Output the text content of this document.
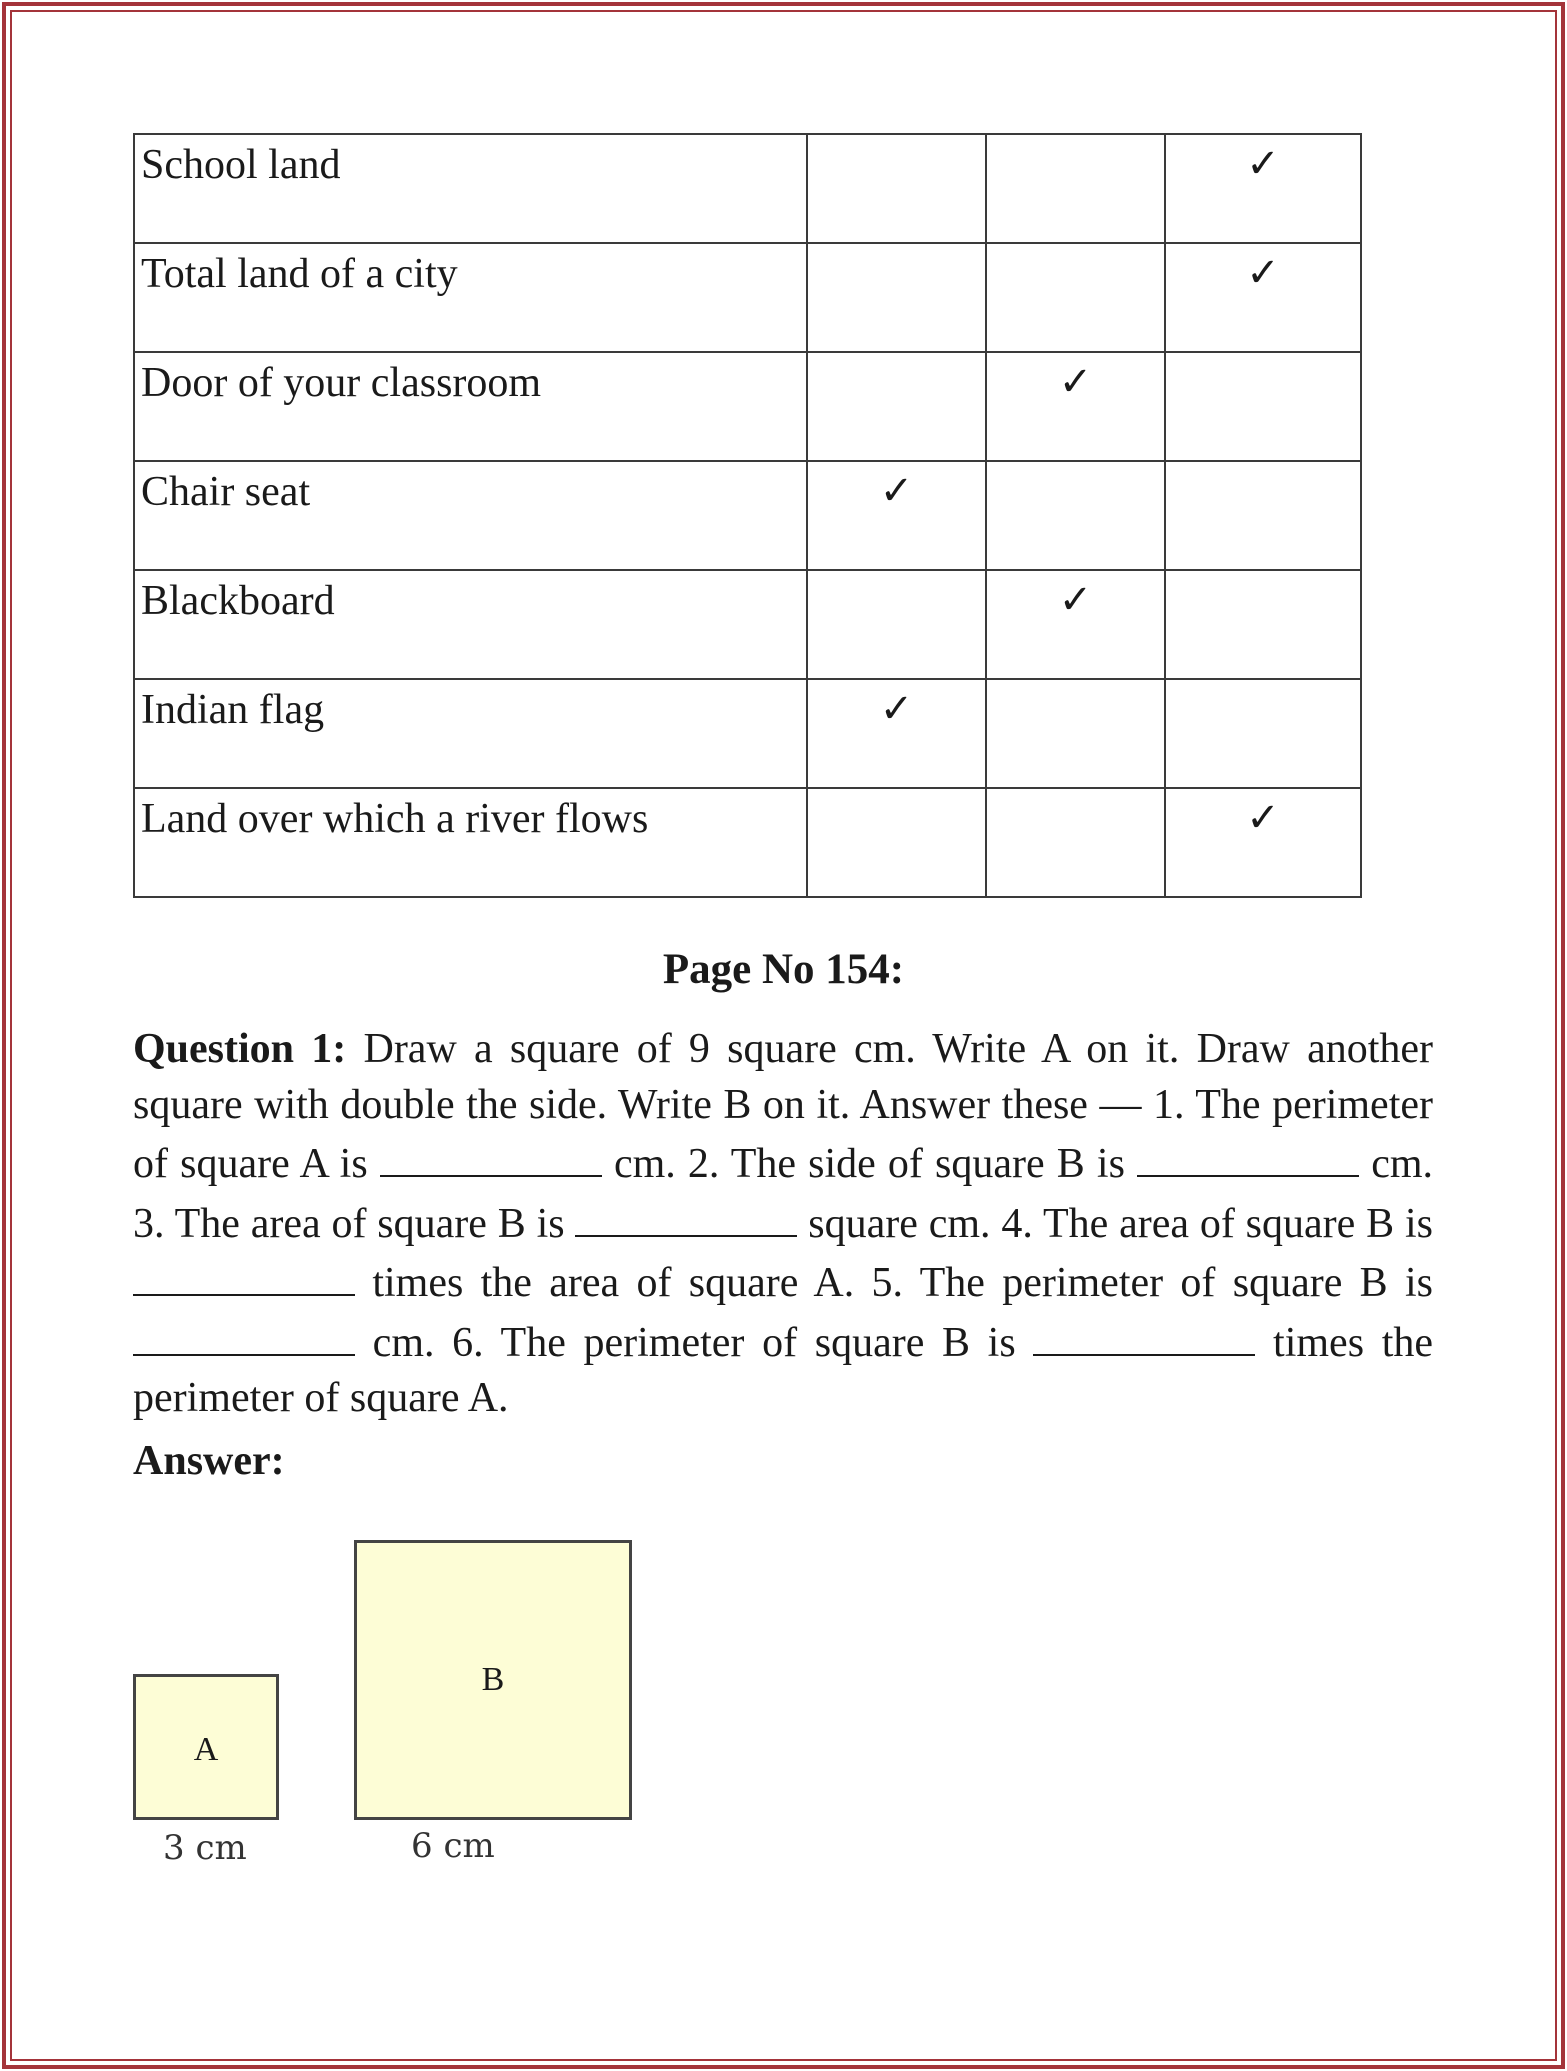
School land			✓
Total land of a city			✓
Door of your classroom		✓	
Chair seat	✓		
Blackboard		✓	
Indian flag	✓		
Land over which a river flows			✓
Page No 154:
Question 1: Draw a square of 9 square cm. Write A on it. Draw another square with double the side. Write B on it. Answer these — 1. The perimeter of square A is	cm. 2. The side of square B is	cm. 3. The area of square B is	square cm. 4. The area of square B is  times the area of square A. 5. The perimeter of square B is  cm. 6. The perimeter of square B is	times the perimeter of square A.
Answer:
A
3 cm
B
6 cm
